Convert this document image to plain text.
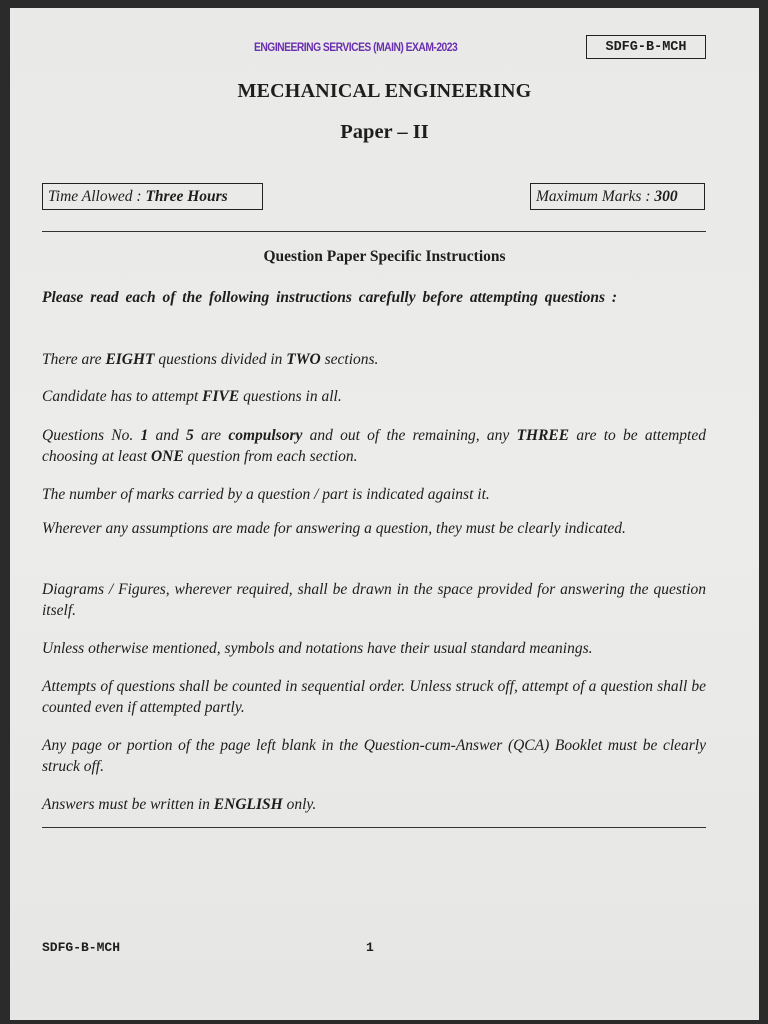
ENGINEERING SERVICES (MAIN) EXAM-2023	SDFG-B-MCH
MECHANICAL ENGINEERING
Paper – II
Time Allowed : Three Hours	Maximum Marks : 300
Question Paper Specific Instructions
Please read each of the following instructions carefully before attempting questions :
There are EIGHT questions divided in TWO sections.
Candidate has to attempt FIVE questions in all.
Questions No. 1 and 5 are compulsory and out of the remaining, any THREE are to be attempted choosing at least ONE question from each section.
The number of marks carried by a question / part is indicated against it.
Wherever any assumptions are made for answering a question, they must be clearly indicated.
Diagrams / Figures, wherever required, shall be drawn in the space provided for answering the question itself.
Unless otherwise mentioned, symbols and notations have their usual standard meanings.
Attempts of questions shall be counted in sequential order. Unless struck off, attempt of a question shall be counted even if attempted partly.
Any page or portion of the page left blank in the Question-cum-Answer (QCA) Booklet must be clearly struck off.
Answers must be written in ENGLISH only.
SDFG-B-MCH	1
